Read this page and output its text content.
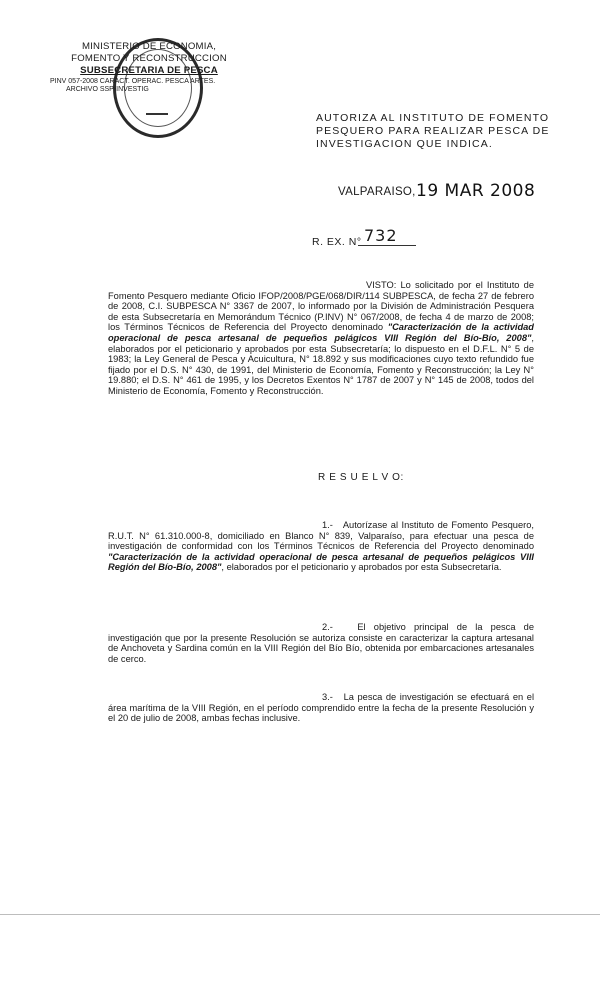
MINISTERIO DE ECONOMIA,
FOMENTO Y RECONSTRUCCION
SUBSECRETARIA DE PESCA
PINV 057-2008 CARACT. OPERAC. PESCA ARTES.
ARCHIVO SSP-INVESTIG
AUTORIZA AL INSTITUTO DE FOMENTO
PESQUERO PARA REALIZAR PESCA DE
INVESTIGACION QUE INDICA.
VALPARAISO, 19 MAR 2008
R. EX. N° 732
VISTO: Lo solicitado por el Instituto de Fomento Pesquero mediante Oficio IFOP/2008/PGE/068/DIR/114 SUBPESCA, de fecha 27 de febrero de 2008, C.I. SUBPESCA N° 3367 de 2007, lo informado por la División de Administración Pesquera de esta Subsecretaría en Memorándum Técnico (P.INV) N° 067/2008, de fecha 4 de marzo de 2008; los Términos Técnicos de Referencia del Proyecto denominado "Caracterización de la actividad operacional de pesca artesanal de pequeños pelágicos VIII Región del Bío-Bío, 2008", elaborados por el peticionario y aprobados por esta Subsecretaría; lo dispuesto en el D.F.L. N° 5 de 1983; la Ley General de Pesca y Acuicultura, N° 18.892 y sus modificaciones cuyo texto refundido fue fijado por el D.S. N° 430, de 1991, del Ministerio de Economía, Fomento y Reconstrucción; la Ley N° 19.880; el D.S. N° 461 de 1995, y los Decretos Exentos N° 1787 de 2007 y N° 145 de 2008, todos del Ministerio de Economía, Fomento y Reconstrucción.
R E S U E L V O:
1.- Autorízase al Instituto de Fomento Pesquero, R.U.T. N° 61.310.000-8, domiciliado en Blanco N° 839, Valparaíso, para efectuar una pesca de investigación de conformidad con los Términos Técnicos de Referencia del Proyecto denominado "Caracterización de la actividad operacional de pesca artesanal de pequeños pelágicos VIII Región del Bío-Bío, 2008", elaborados por el peticionario y aprobados por esta Subsecretaría.
2.-	El objetivo principal de la pesca de investigación que por la presente Resolución se autoriza consiste en caracterizar la captura artesanal de Anchoveta y Sardina común en la VIII Región del Bío Bío, obtenida por embarcaciones artesanales de cerco.
3.- La pesca de investigación se efectuará en el área marítima de la VIII Región, en el período comprendido entre la fecha de la presente Resolución y el 20 de julio de 2008, ambas fechas inclusive.
